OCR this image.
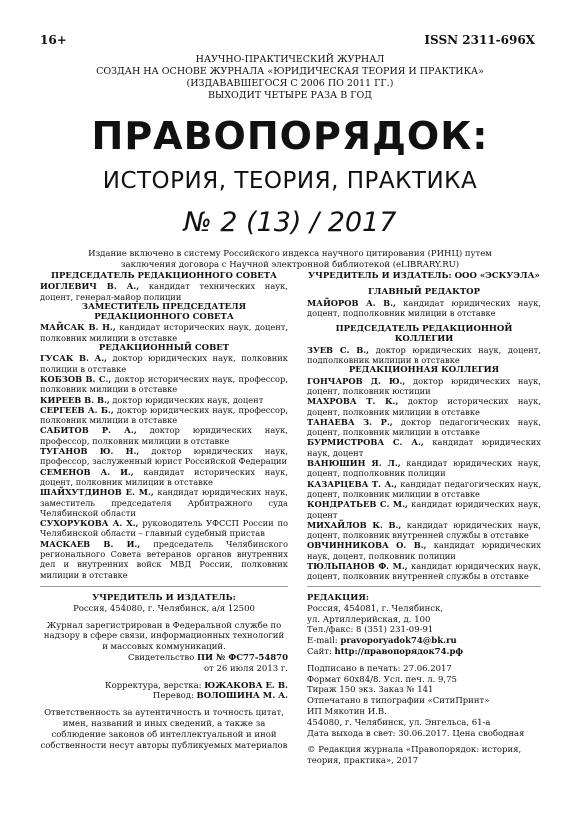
16+	ISSN 2311-696X
НАУЧНО-ПРАКТИЧЕСКИЙ ЖУРНАЛ
СОЗДАН НА ОСНОВЕ ЖУРНАЛА «ЮРИДИЧЕСКАЯ ТЕОРИЯ И ПРАКТИКА»
(ИЗДАВАВШЕГОСЯ С 2006 ПО 2011 ГГ.)
ВЫХОДИТ ЧЕТЫРЕ РАЗА В ГОД
ПРАВОПОРЯДОК:
ИСТОРИЯ, ТЕОРИЯ, ПРАКТИКА
№ 2 (13) / 2017
Издание включено в систему Российского индекса научного цитирования (РИНЦ) путем заключения договора с Научной электронной библиотекой (eLIBRARY.RU)
ПРЕДСЕДАТЕЛЬ РЕДАКЦИОННОГО СОВЕТА
ИОГЛЕВИЧ В. А., кандидат технических наук, доцент, генерал-майор полиции
ЗАМЕСТИТЕЛЬ ПРЕДСЕДАТЕЛЯ РЕДАКЦИОННОГО СОВЕТА
МАЙСАК В. Н., кандидат исторических наук, доцент, полковник милиции в отставке
РЕДАКЦИОННЫЙ СОВЕТ
ГУСАК В. А., доктор юридических наук, полковник полиции в отставке
КОБЗОВ В. С., доктор исторических наук, профессор, полковник милиции в отставке
КИРЕЕВ В. В., доктор юридических наук, доцент
СЕРГЕЕВ А. Б., доктор юридических наук, профессор, полковник милиции в отставке
САБИТОВ Р. А., доктор юридических наук, профессор, полковник милиции в отставке
ТУГАНОВ Ю. Н., доктор юридических наук, профессор, заслуженный юрист Российской Федерации
СЕМЕНОВ А. И., кандидат исторических наук, доцент, полковник милиции в отставке
ШАЙХУТДИНОВ Е. М., кандидат юридических наук, заместитель председателя Арбитражного суда Челябинской области
СУХОРУКОВА А. Х., руководитель УФССП России по Челябинской области – главный судебный пристав
МАСКАЕВ В. И., председатель Челябинского регионального Совета ветеранов органов внутренних дел и внутренних войск МВД России, полковник милиции в отставке
УЧРЕДИТЕЛЬ И ИЗДАТЕЛЬ: ООО «ЭСКУЭЛА»
ГЛАВНЫЙ РЕДАКТОР
МАЙОРОВ А. В., кандидат юридических наук, доцент, подполковник милиции в отставке
ПРЕДСЕДАТЕЛЬ РЕДАКЦИОННОЙ КОЛЛЕГИИ
ЗУЕВ С. В., доктор юридических наук, доцент, подполковник милиции в отставке
РЕДАКЦИОННАЯ КОЛЛЕГИЯ
ГОНЧАРОВ Д. Ю., доктор юридических наук, доцент, полковник юстиции
МАХРОВА Т. К., доктор исторических наук, доцент, полковник милиции в отставке
ТАНАЕВА З. Р., доктор педагогических наук, доцент, полковник милиции в отставке
БУРМИСТРОВА С. А., кандидат юридических наук, доцент
ВАНЮШИН Я. Л., кандидат юридических наук, доцент, подполковник полиции
КАЗАРЦЕВА Т. А., кандидат педагогических наук, доцент, полковник милиции в отставке
КОНДРАТЬЕВ С. М., кандидат юридических наук, доцент
МИХАЙЛОВ К. В., кандидат юридических наук, доцент, полковник внутренней службы в отставке
ОВЧИННИКОВА О. В., кандидат юридических наук, доцент, полковник полиции
ТЮЛЬПАНОВ Ф. М., кандидат юридических наук, доцент, полковник внутренней службы в отставке
УЧРЕДИТЕЛЬ И ИЗДАТЕЛЬ:
Россия, 454080, г. Челябинск, а/я 12500
Журнал зарегистрирован в Федеральной службе по надзору в сфере связи, информационных технологий и массовых коммуникаций.
Свидетельство ПИ № ФС77-54870
от 26 июля 2013 г.
Корректура, верстка: ЮЖАКОВА Е. В.
Перевод: ВОЛОШИНА М. А.
Ответственность за аутентичность и точность цитат, имен, названий и иных сведений, а также за соблюдение законов об интеллектуальной и иной собственности несут авторы публикуемых материалов
РЕДАКЦИЯ:
Россия, 454081, г. Челябинск,
ул. Артиллерийская, д. 100
Тел./факс: 8 (351) 231-09-91
E-mail: pravoporyadok74@bk.ru
Сайт: http://правопорядок74.рф
Подписано в печать: 27.06.2017
Формат 60x84/8. Усл. печ. л. 9,75
Тираж 150 экз. Заказ № 141
Отпечатано в типографии «СитиПринт»
ИП Мякотин И.В.
454080, г. Челябинск, ул. Энгельса, 61-а
Дата выхода в свет: 30.06.2017. Цена свободная
© Редакция журнала «Правопорядок: история, теория, практика», 2017
